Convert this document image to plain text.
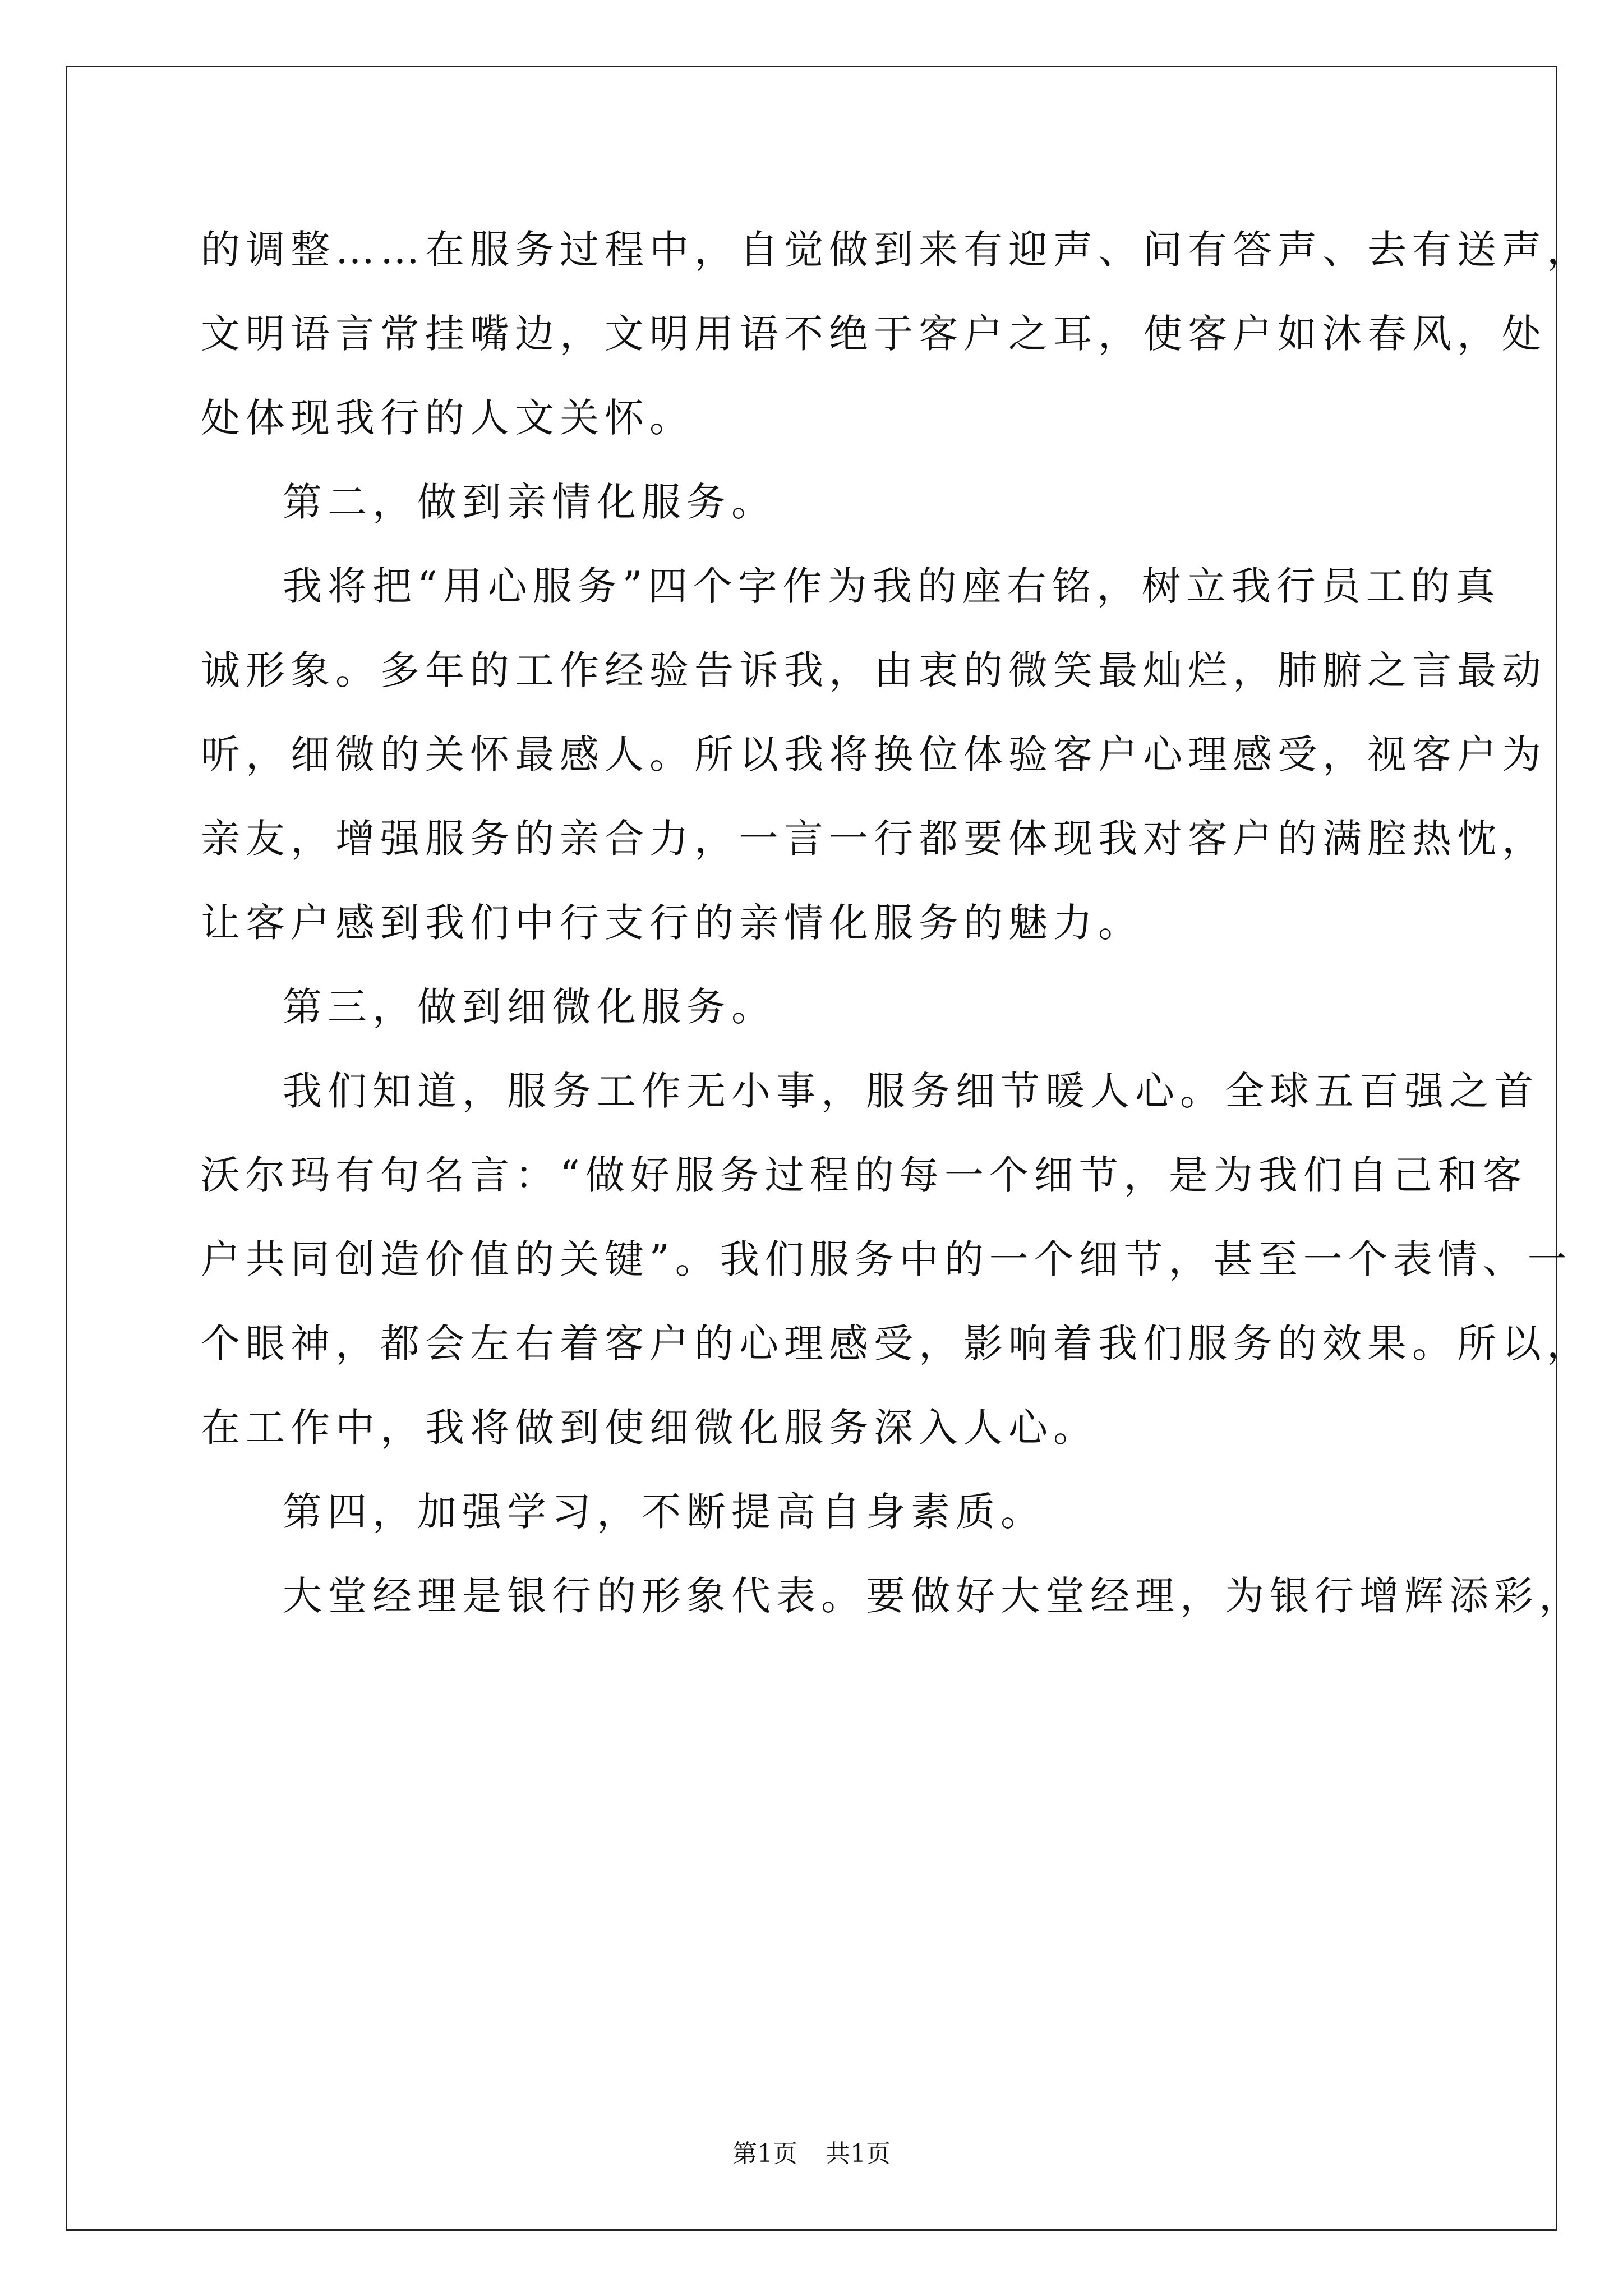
的调整……在服务过程中，自觉做到来有迎声、问有答声、去有送声，
文明语言常挂嘴边，文明用语不绝于客户之耳，使客户如沐春风，处
处体现我行的人文关怀。
第二，做到亲情化服务。
我将把“用心服务”四个字作为我的座右铭，树立我行员工的真
诚形象。多年的工作经验告诉我，由衷的微笑最灿烂，肺腑之言最动
听，细微的关怀最感人。所以我将换位体验客户心理感受，视客户为
亲友，增强服务的亲合力，一言一行都要体现我对客户的满腔热忱，
让客户感到我们中行支行的亲情化服务的魅力。
第三，做到细微化服务。
我们知道，服务工作无小事，服务细节暖人心。全球五百强之首
沃尔玛有句名言：“做好服务过程的每一个细节，是为我们自己和客
户共同创造价值的关键”。我们服务中的一个细节，甚至一个表情、一
个眼神，都会左右着客户的心理感受，影响着我们服务的效果。所以，
在工作中，我将做到使细微化服务深入人心。
第四，加强学习，不断提高自身素质。
大堂经理是银行的形象代表。要做好大堂经理，为银行增辉添彩，
第1页 共1页
